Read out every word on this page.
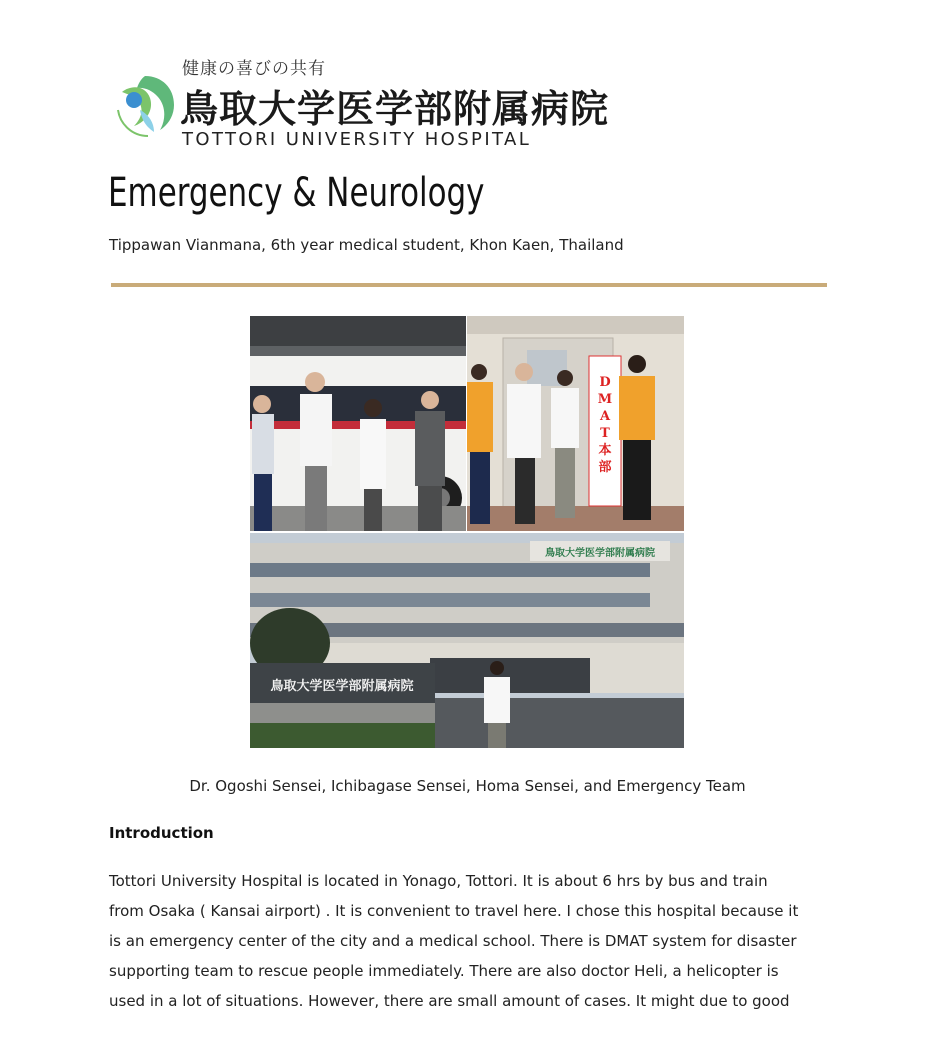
健康の喜びの共有
鳥取大学医学部附属病院
TOTTORI UNIVERSITY HOSPITAL
Emergency & Neurology
Tippawan Vianmana, 6th year medical student, Khon Kaen, Thailand
D M A T 本部
鳥取大学医学部附属病院
鳥取大学医学部附属病院
Dr. Ogoshi Sensei, Ichibagase Sensei, Homa Sensei, and Emergency Team
Introduction
Tottori University Hospital is located in Yonago, Tottori. It is about 6 hrs by bus and train
from Osaka ( Kansai airport) . It is convenient to travel here. I chose this hospital because it
is an emergency center of the city and a medical school. There is DMAT system for disaster
supporting team to rescue people immediately. There are also doctor Heli, a helicopter is
used in a lot of situations. However, there are small amount of cases. It might due to good
